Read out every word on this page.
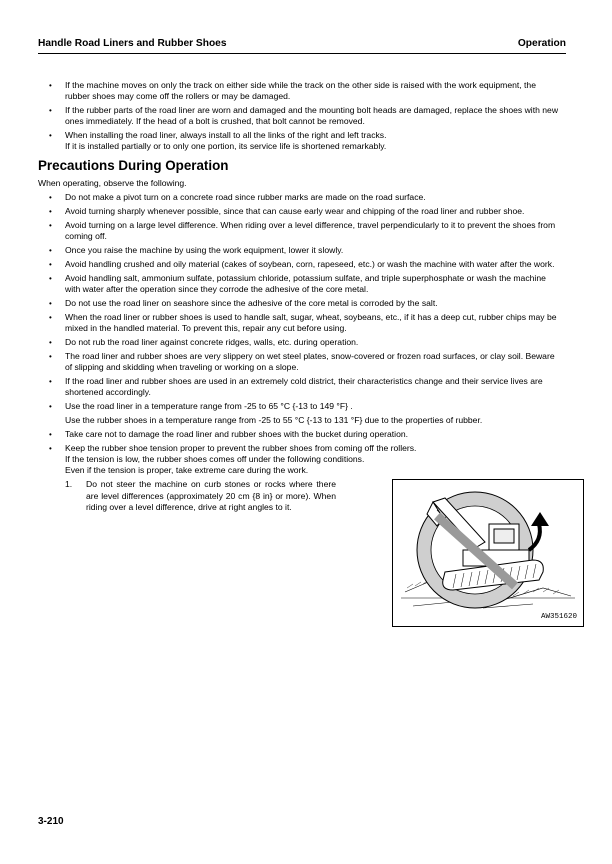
Handle Road Liners and Rubber Shoes	Operation
• If the machine moves on only the track on either side while the track on the other side is raised with the work equipment, the rubber shoes may come off the rollers or may be damaged.
• If the rubber parts of the road liner are worn and damaged and the mounting bolt heads are damaged, replace the shoes with new ones immediately. If the head of a bolt is crushed, that bolt cannot be removed.
• When installing the road liner, always install to all the links of the right and left tracks.
If it is installed partially or to only one portion, its service life is shortened remarkably.
Precautions During Operation

When operating, observe the following.

• Do not make a pivot turn on a concrete road since rubber marks are made on the road surface.
• Avoid turning sharply whenever possible, since that can cause early wear and chipping of the road liner and rubber shoe.
• Avoid turning on a large level difference. When riding over a level difference, travel perpendicularly to it to prevent the shoes from coming off.
• Once you raise the machine by using the work equipment, lower it slowly.
• Avoid handling crushed and oily material (cakes of soybean, corn, rapeseed, etc.) or wash the machine with water after the work.
• Avoid handling salt, ammonium sulfate, potassium chloride, potassium sulfate, and triple superphosphate or wash the machine with water after the operation since they corrode the adhesive of the core metal.
• Do not use the road liner on seashore since the adhesive of the core metal is corroded by the salt.
• When the road liner or rubber shoes is used to handle salt, sugar, wheat, soybeans, etc., if it has a deep cut, rubber chips may be mixed in the handled material. To prevent this, repair any cut before using.
• Do not rub the road liner against concrete ridges, walls, etc. during operation.
• The road liner and rubber shoes are very slippery on wet steel plates, snow-covered or frozen road surfaces, or clay soil. Beware of slipping and skidding when traveling or working on a slope.
• If the road liner and rubber shoes are used in an extremely cold district, their characteristics change and their service lives are shortened accordingly.
• Use the road liner in a temperature range from -25 to 65 °C {-13 to 149 °F} .
Use the rubber shoes in a temperature range from -25 to 55 °C {-13 to 131 °F} due to the properties of rubber.
• Take care not to damage the road liner and rubber shoes with the bucket during operation.
• Keep the rubber shoe tension proper to prevent the rubber shoes from coming off the rollers.
If the tension is low, the rubber shoes comes off under the following conditions.
Even if the tension is proper, take extreme care during the work.
1. Do not steer the machine on curb stones or rocks where there are level differences (approximately 20 cm {8 in} or more). When riding over a level difference, drive at right angles to it.
AW351620
3-210
